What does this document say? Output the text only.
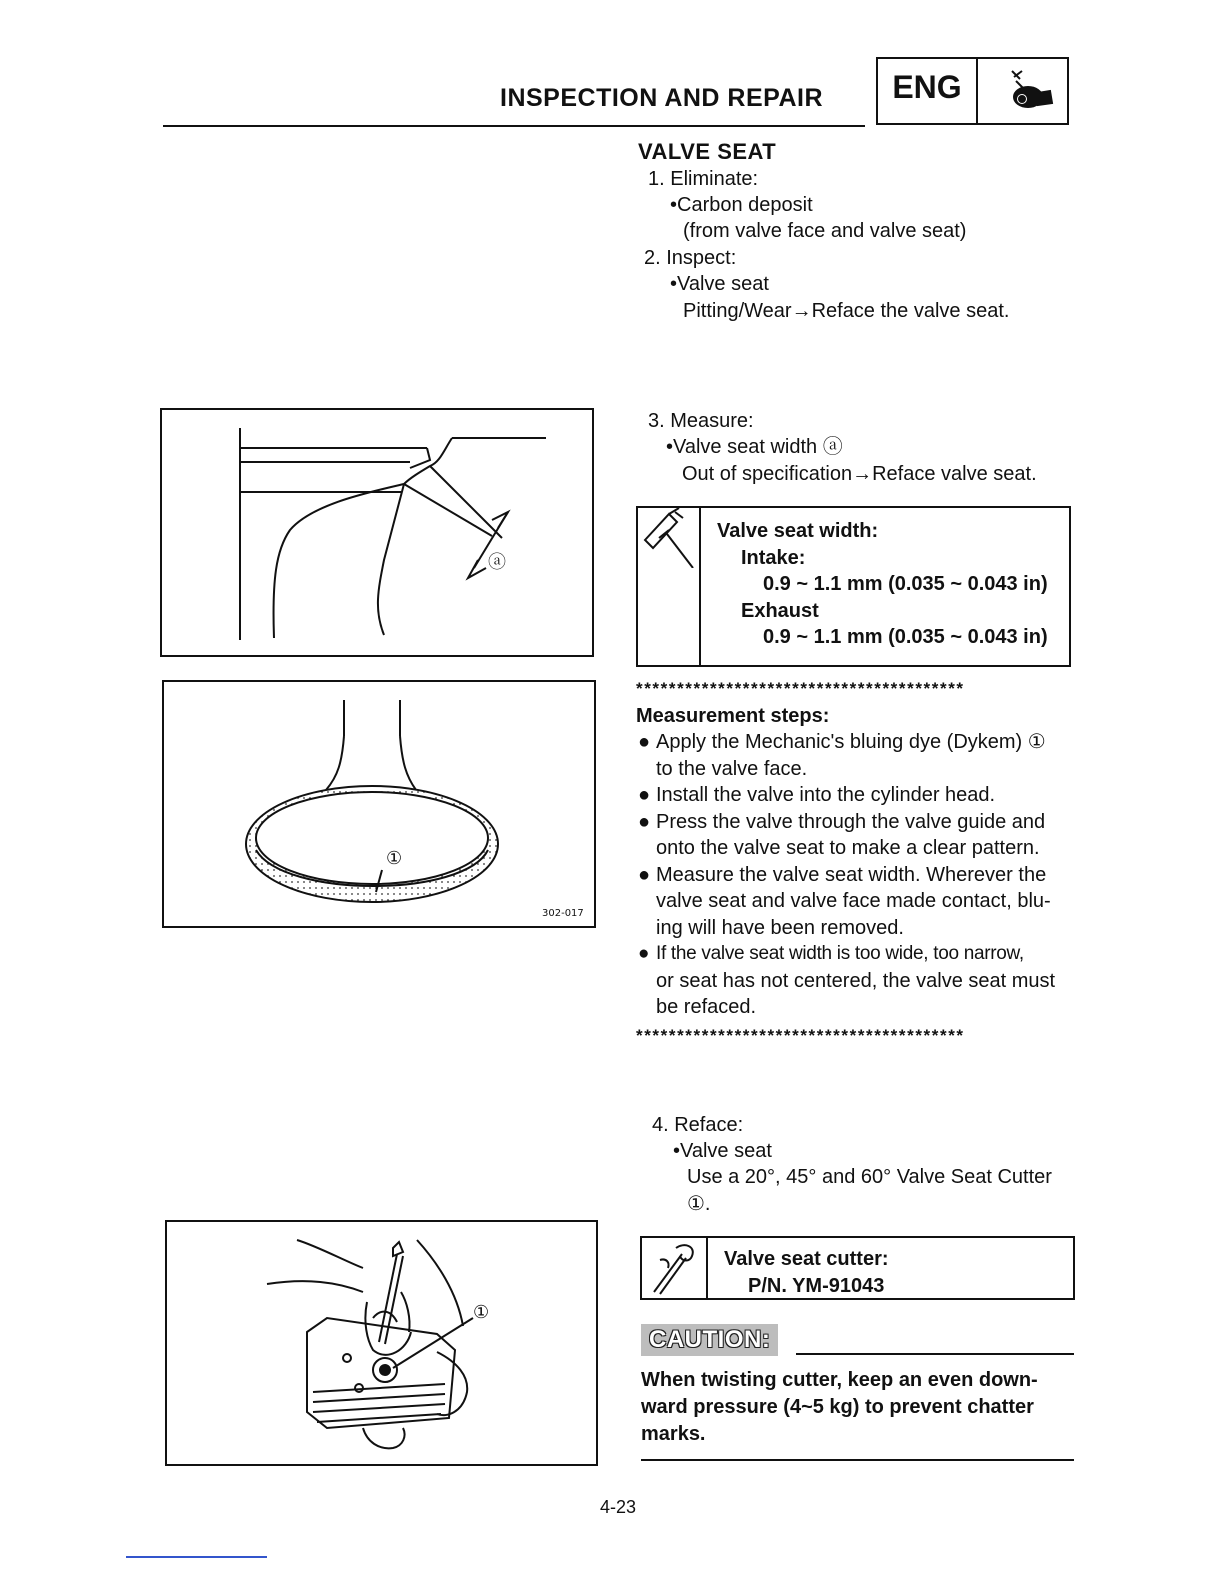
INSPECTION AND REPAIR	ENG
VALVE SEAT
1. Eliminate:
•Carbon deposit
(from valve face and valve seat)
2. Inspect:
•Valve seat
Pitting/Wear→Reface the valve seat.
3. Measure:
•Valve seat width ⓐ
Out of specification→Reface valve seat.
Valve seat width:
Intake:
0.9 ~ 1.1 mm (0.035 ~ 0.043 in)
Exhaust
0.9 ~ 1.1 mm (0.035 ~ 0.043 in)
****************************************
Measurement steps:
● Apply the Mechanic's bluing dye (Dykem) ①
to the valve face.
● Install the valve into the cylinder head.
● Press the valve through the valve guide and
onto the valve seat to make a clear pattern.
● Measure the valve seat width. Wherever the
valve seat and valve face made contact, blu-
ing will have been removed.
● If the valve seat width is too wide, too narrow,
or seat has not centered, the valve seat must
be refaced.
****************************************
4. Reface:
•Valve seat
Use a 20°, 45° and 60° Valve Seat Cutter
①.
Valve seat cutter:
P/N. YM-91043
CAUTION:
When twisting cutter, keep an even down-
ward pressure (4~5 kg) to prevent chatter
marks.
ⓐ
①
302-017
①
4-23
